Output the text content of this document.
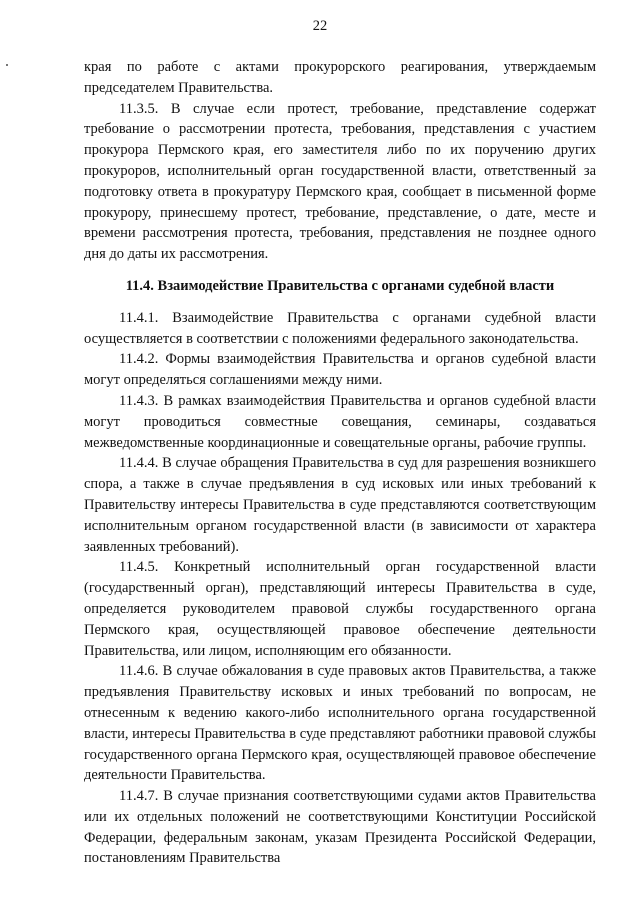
22

края по работе с актами прокурорского реагирования, утверждаемым председателем Правительства.

11.3.5. В случае если протест, требование, представление содержат требование о рассмотрении протеста, требования, представления с участием прокурора Пермского края, его заместителя либо по их поручению других прокуроров, исполнительный орган государственной власти, ответственный за подготовку ответа в прокуратуру Пермского края, сообщает в письменной форме прокурору, принесшему протест, требование, представление, о дате, месте и времени рассмотрения протеста, требования, представления не позднее одного дня до даты их рассмотрения.

11.4. Взаимодействие Правительства с органами судебной власти

11.4.1. Взаимодействие Правительства с органами судебной власти осуществляется в соответствии с положениями федерального законодательства.

11.4.2. Формы взаимодействия Правительства и органов судебной власти могут определяться соглашениями между ними.

11.4.3. В рамках взаимодействия Правительства и органов судебной власти могут проводиться совместные совещания, семинары, создаваться межведомственные координационные и совещательные органы, рабочие группы.

11.4.4. В случае обращения Правительства в суд для разрешения возникшего спора, а также в случае предъявления в суд исковых или иных требований к Правительству интересы Правительства в суде представляются соответствующим исполнительным органом государственной власти (в зависимости от характера заявленных требований).

11.4.5. Конкретный исполнительный орган государственной власти (государственный орган), представляющий интересы Правительства в суде, определяется руководителем правовой службы государственного органа Пермского края, осуществляющей правовое обеспечение деятельности Правительства, или лицом, исполняющим его обязанности.

11.4.6. В случае обжалования в суде правовых актов Правительства, а также предъявления Правительству исковых и иных требований по вопросам, не отнесенным к ведению какого-либо исполнительного органа государственной власти, интересы Правительства в суде представляют работники правовой службы государственного органа Пермского края, осуществляющей правовое обеспечение деятельности Правительства.

11.4.7. В случае признания соответствующими судами актов Правительства или их отдельных положений не соответствующими Конституции Российской Федерации, федеральным законам, указам Президента Российской Федерации, постановлениям Правительства
